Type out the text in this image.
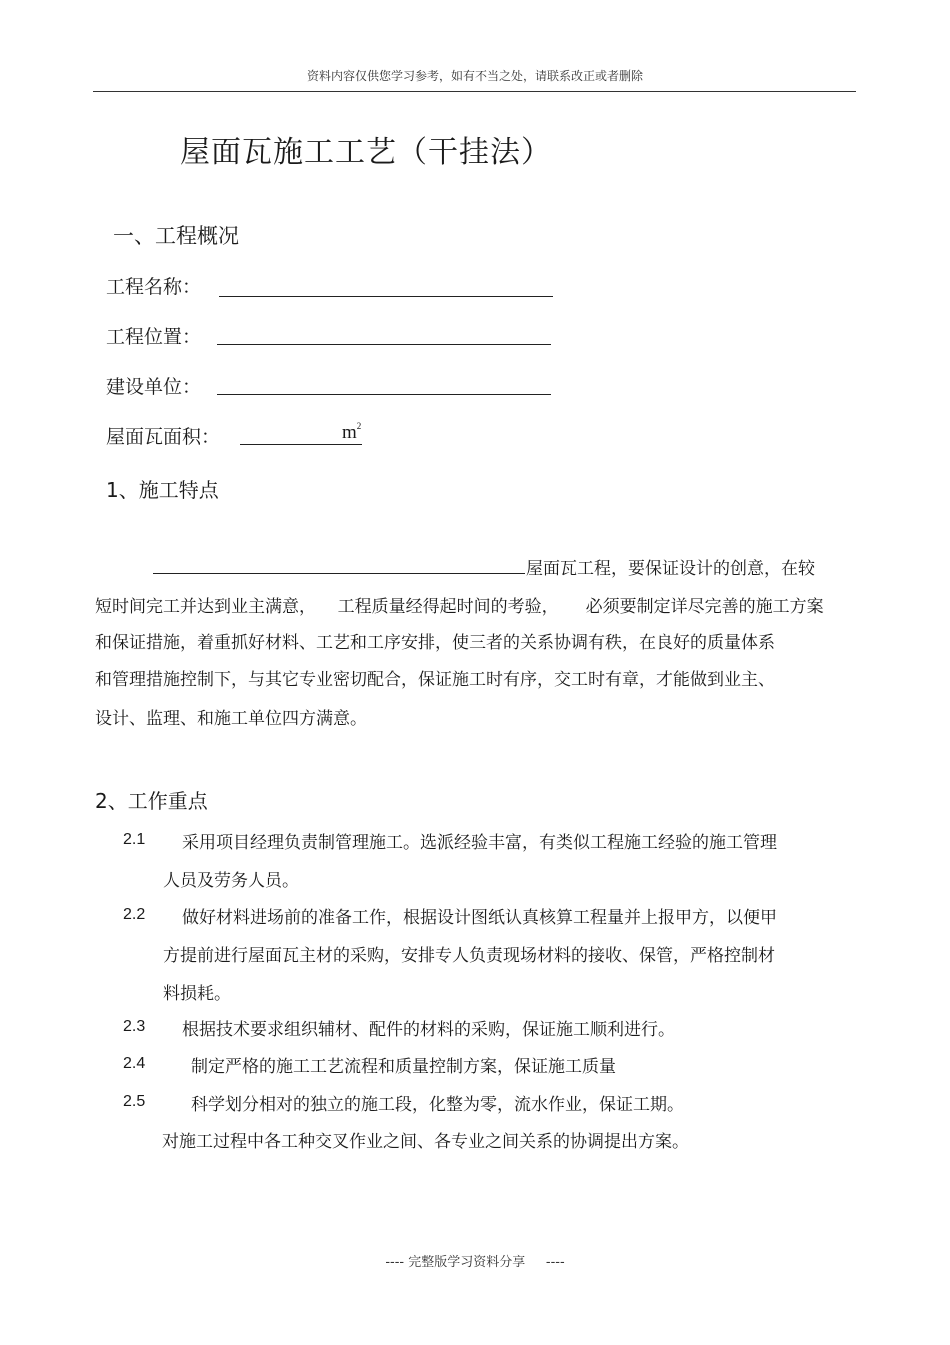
资料内容仅供您学习参考，如有不当之处，请联系改正或者删除
屋面瓦施工工艺（干挂法）
一、工程概况
工程名称：
工程位置：
建设单位：
屋面瓦面积：	$m^2$
1、施工特点
屋面瓦工程，要保证设计的创意，在较
短时间完工并达到业主满意，    工程质量经得起时间的考验，     必须要制定详尽完善的施工方案
和保证措施，着重抓好材料、工艺和工序安排，使三者的关系协调有秩，在良好的质量体系
和管理措施控制下，与其它专业密切配合，保证施工时有序，交工时有章，才能做到业主、
设计、监理、和施工单位四方满意。
2、工作重点
2.1 采用项目经理负责制管理施工。选派经验丰富，有类似工程施工经验的施工管理
人员及劳务人员。
2.2 做好材料进场前的准备工作，根据设计图纸认真核算工程量并上报甲方，以便甲
方提前进行屋面瓦主材的采购，安排专人负责现场材料的接收、保管，严格控制材
料损耗。
2.3 根据技术要求组织辅材、配件的材料的采购，保证施工顺利进行。
2.4	制定严格的施工工艺流程和质量控制方案，保证施工质量
2.5	科学划分相对的独立的施工段，化整为零，流水作业，保证工期。
对施工过程中各工种交叉作业之间、各专业之间关系的协调提出方案。
---- 完整版学习资料分享     ----
